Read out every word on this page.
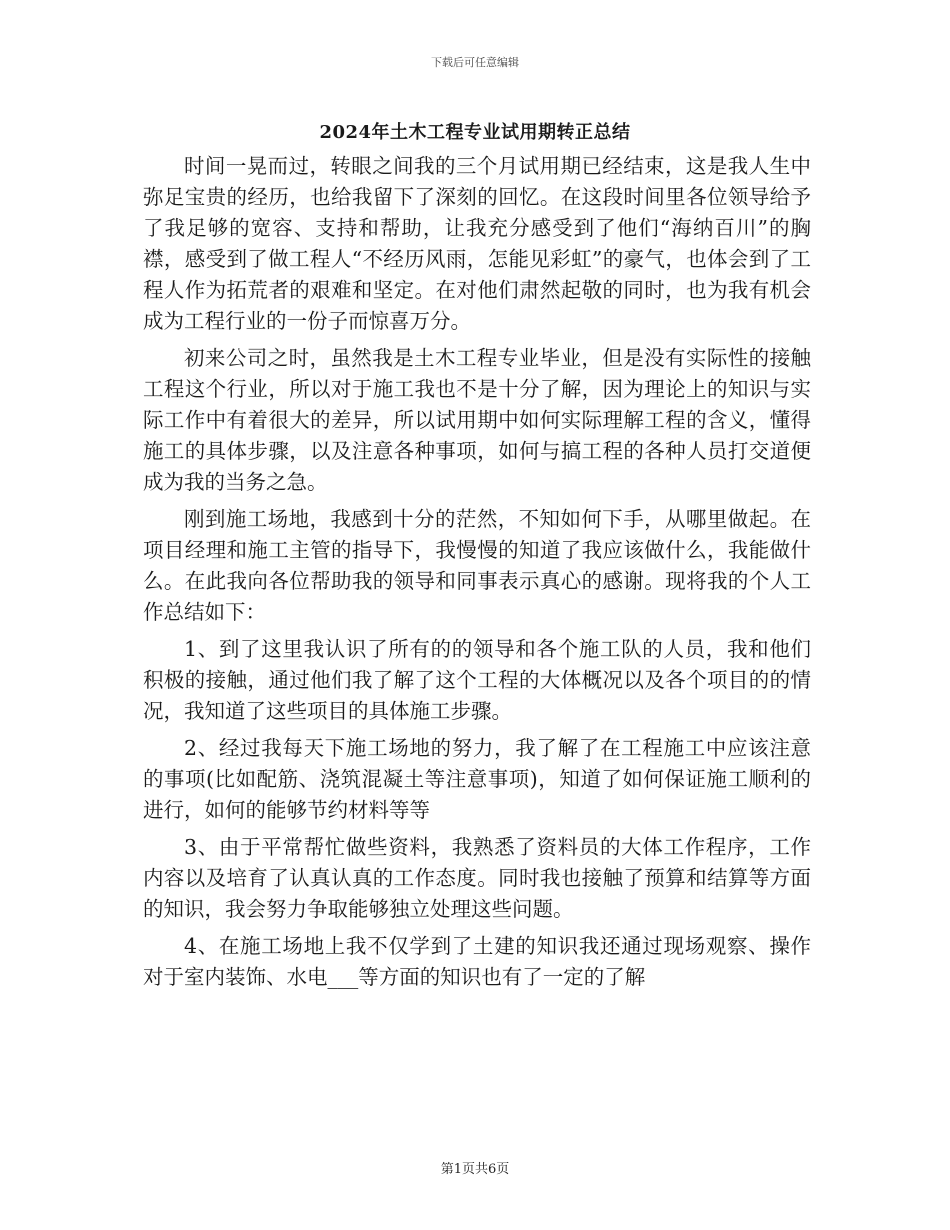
下载后可任意编辑
2024年土木工程专业试用期转正总结

时间一晃而过，转眼之间我的三个月试用期已经结束，这是我人生中弥足宝贵的经历，也给我留下了深刻的回忆。在这段时间里各位领导给予了我足够的宽容、支持和帮助，让我充分感受到了他们“海纳百川”的胸襟，感受到了做工程人“不经历风雨，怎能见彩虹”的豪气，也体会到了工程人作为拓荒者的艰难和坚定。在对他们肃然起敬的同时，也为我有机会成为工程行业的一份子而惊喜万分。

初来公司之时，虽然我是土木工程专业毕业，但是没有实际性的接触工程这个行业，所以对于施工我也不是十分了解，因为理论上的知识与实际工作中有着很大的差异，所以试用期中如何实际理解工程的含义，懂得施工的具体步骤，以及注意各种事项，如何与搞工程的各种人员打交道便成为我的当务之急。

刚到施工场地，我感到十分的茫然，不知如何下手，从哪里做起。在项目经理和施工主管的指导下，我慢慢的知道了我应该做什么，我能做什么。在此我向各位帮助我的领导和同事表示真心的感谢。现将我的个人工作总结如下：

1、到了这里我认识了所有的的领导和各个施工队的人员，我和他们积极的接触，通过他们我了解了这个工程的大体概况以及各个项目的的情况，我知道了这些项目的具体施工步骤。

2、经过我每天下施工场地的努力，我了解了在工程施工中应该注意的事项(比如配筋、浇筑混凝土等注意事项)，知道了如何保证施工顺利的进行，如何的能够节约材料等等

3、由于平常帮忙做些资料，我熟悉了资料员的大体工作程序，工作内容以及培育了认真认真的工作态度。同时我也接触了预算和结算等方面的知识，我会努力争取能够独立处理这些问题。

4、在施工场地上我不仅学到了土建的知识我还通过现场观察、操作对于室内装饰、水电___等方面的知识也有了一定的了解

第1页共6页
